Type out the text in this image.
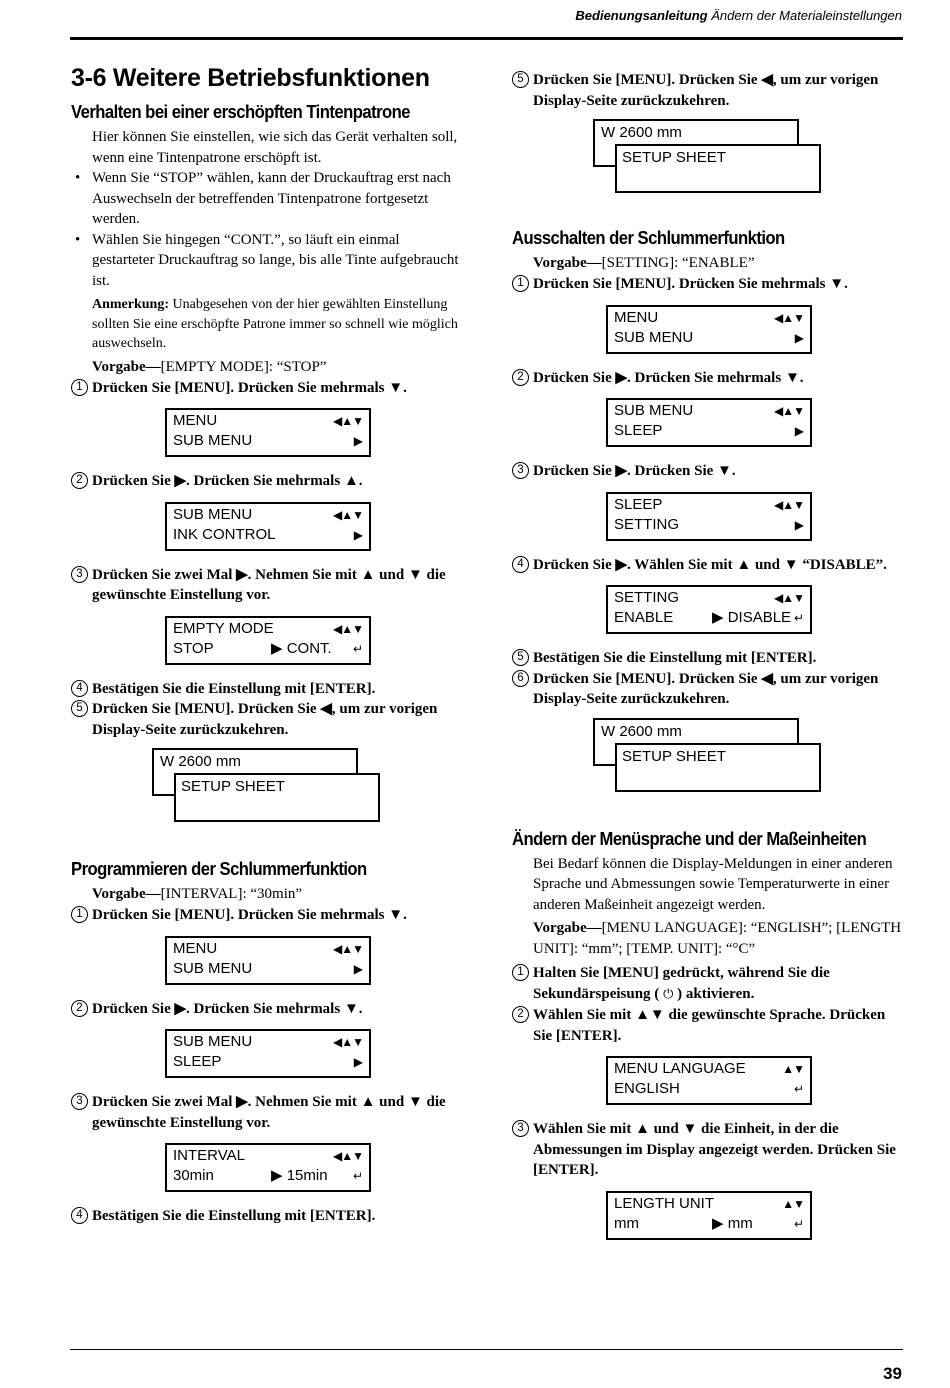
Bedienungsanleitung Ändern der Materialeinstellungen
3-6 Weitere Betriebsfunktionen
Verhalten bei einer erschöpften Tintenpatrone
Hier können Sie einstellen, wie sich das Gerät verhalten soll, wenn eine Tintenpatrone erschöpft ist.
• Wenn Sie “STOP” wählen, kann der Druckauftrag erst nach Auswechseln der betreffenden Tintenpatrone fortgesetzt werden.
• Wählen Sie hingegen “CONT.”, so läuft ein einmal gestarteter Druckauftrag so lange, bis alle Tinte aufgebraucht ist.
Anmerkung: Unabgesehen von der hier gewählten Einstellung sollten Sie eine erschöpfte Patrone immer so schnell wie möglich auswechseln.
Vorgabe—[EMPTY MODE]: “STOP”
1 Drücken Sie [MENU]. Drücken Sie mehrmals ▼.
MENU	◀▲▼
SUB MENU	▶
2 Drücken Sie ▶. Drücken Sie mehrmals ▲.
SUB MENU	◀▲▼
INK CONTROL	▶
3 Drücken Sie zwei Mal ▶. Nehmen Sie mit ▲ und ▼ die gewünschte Einstellung vor.
EMPTY MODE	◀▲▼
STOP	▶ CONT. ↵
4 Bestätigen Sie die Einstellung mit [ENTER].
5 Drücken Sie [MENU]. Drücken Sie ◀, um zur vorigen Display-Seite zurückzukehren.
W 2600 mm
SETUP SHEET
Programmieren der Schlummerfunktion
Vorgabe—[INTERVAL]: “30min”
1 Drücken Sie [MENU]. Drücken Sie mehrmals ▼.
MENU	◀▲▼
SUB MENU	▶
2 Drücken Sie ▶. Drücken Sie mehrmals ▼.
SUB MENU	◀▲▼
SLEEP	▶
3 Drücken Sie zwei Mal ▶. Nehmen Sie mit ▲ und ▼ die gewünschte Einstellung vor.
INTERVAL	◀▲▼
30min	▶ 15min ↵
4 Bestätigen Sie die Einstellung mit [ENTER].
5 Drücken Sie [MENU]. Drücken Sie ◀, um zur vorigen Display-Seite zurückzukehren.
W 2600 mm
SETUP SHEET
Ausschalten der Schlummerfunktion
Vorgabe—[SETTING]: “ENABLE”
1 Drücken Sie [MENU]. Drücken Sie mehrmals ▼.
MENU	◀▲▼
SUB MENU	▶
2 Drücken Sie ▶. Drücken Sie mehrmals ▼.
SUB MENU	◀▲▼
SLEEP	▶
3 Drücken Sie ▶. Drücken Sie ▼.
SLEEP	◀▲▼
SETTING	▶
4 Drücken Sie ▶. Wählen Sie mit ▲ und ▼ “DISABLE”.
SETTING	◀▲▼
ENABLE	▶ DISABLE ↵
5 Bestätigen Sie die Einstellung mit [ENTER].
6 Drücken Sie [MENU]. Drücken Sie ◀, um zur vorigen Display-Seite zurückzukehren.
W 2600 mm
SETUP SHEET
Ändern der Menüsprache und der Maßeinheiten
Bei Bedarf können die Display-Meldungen in einer anderen Sprache und Abmessungen sowie Temperaturwerte in einer anderen Maßeinheit angezeigt werden.
Vorgabe—[MENU LANGUAGE]: “ENGLISH”; [LENGTH UNIT]: “mm”; [TEMP. UNIT]: “°C”
1 Halten Sie [MENU] gedrückt, während Sie die Sekundärspeisung ( ⏻ ) aktivieren.
2 Wählen Sie mit ▲▼ die gewünschte Sprache. Drücken Sie [ENTER].
MENU LANGUAGE	▲▼
ENGLISH	↵
3 Wählen Sie mit ▲ und ▼ die Einheit, in der die Abmessungen im Display angezeigt werden. Drücken Sie [ENTER].
LENGTH UNIT	▲▼
mm	▶ mm	↵
39
